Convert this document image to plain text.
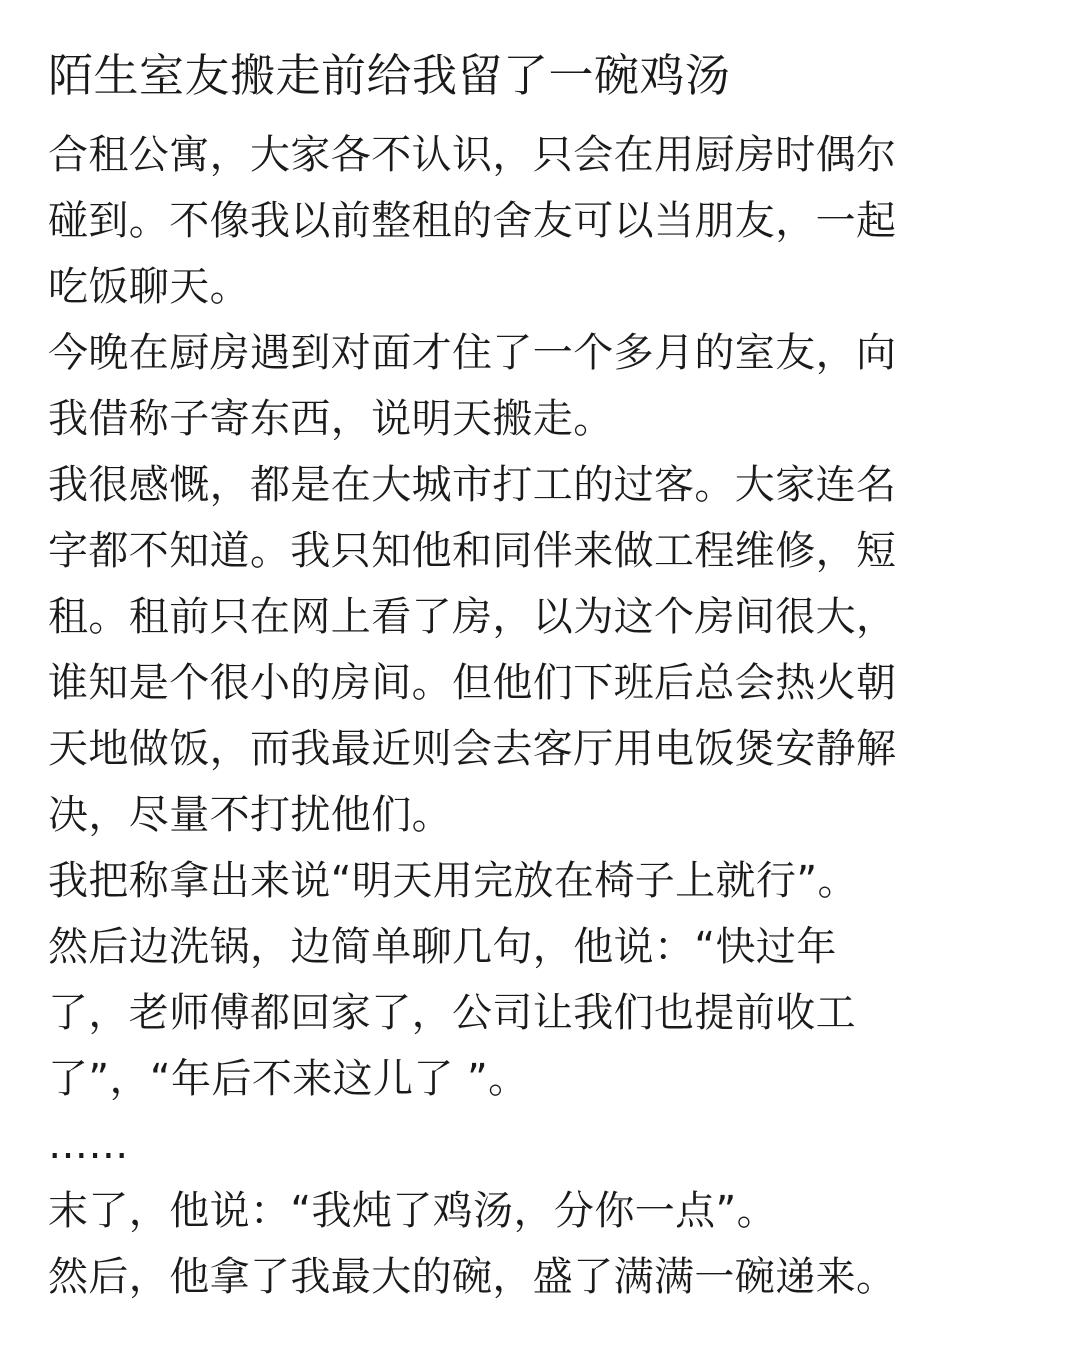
陌生室友搬走前给我留了一碗鸡汤
合租公寓，大家各不认识，只会在用厨房时偶尔
碰到。不像我以前整租的舍友可以当朋友，一起
吃饭聊天。
今晚在厨房遇到对面才住了一个多月的室友，向
我借称子寄东西，说明天搬走。
我很感慨，都是在大城市打工的过客。大家连名
字都不知道。我只知他和同伴来做工程维修，短
租。租前只在网上看了房，以为这个房间很大，
谁知是个很小的房间。但他们下班后总会热火朝
天地做饭，而我最近则会去客厅用电饭煲安静解
决，尽量不打扰他们。
我把称拿出来说“明天用完放在椅子上就行”。
然后边洗锅，边简单聊几句，他说：“快过年
了，老师傅都回家了，公司让我们也提前收工
了”，“年后不来这儿了 ”。
……
末了，他说：“我炖了鸡汤，分你一点”。
然后，他拿了我最大的碗，盛了满满一碗递来。
